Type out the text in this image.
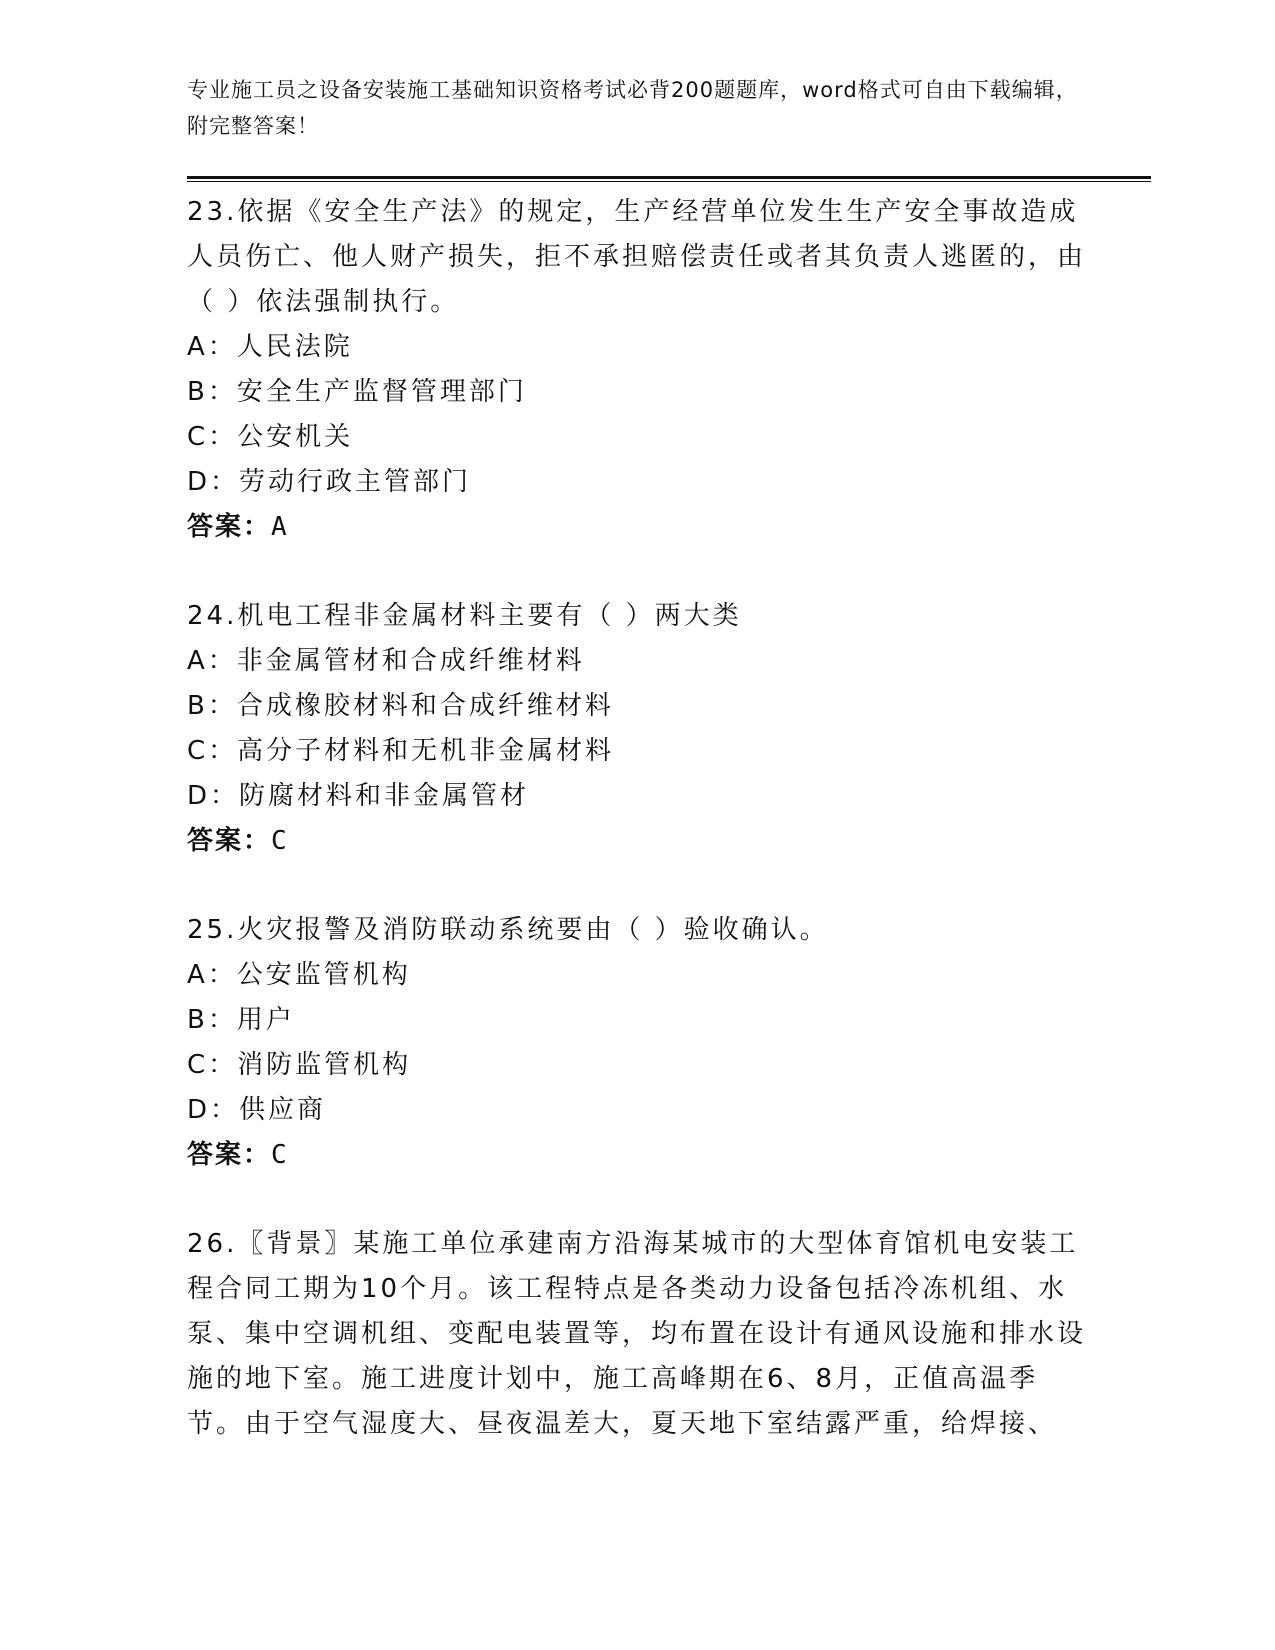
专业施工员之设备安装施工基础知识资格考试必背200题题库，word格式可自由下载编辑，附完整答案！

23.依据《安全生产法》的规定，生产经营单位发生生产安全事故造成人员伤亡、他人财产损失，拒不承担赔偿责任或者其负责人逃匿的，由（ ）依法强制执行。

A：人民法院

B：安全生产监督管理部门

C：公安机关

D：劳动行政主管部门

答案：A

24.机电工程非金属材料主要有（ ）两大类

A：非金属管材和合成纤维材料

B：合成橡胶材料和合成纤维材料

C：高分子材料和无机非金属材料

D：防腐材料和非金属管材

答案：C

25.火灾报警及消防联动系统要由（ ）验收确认。

A：公安监管机构

B：用户

C：消防监管机构

D：供应商

答案：C

26.〖背景〗某施工单位承建南方沿海某城市的大型体育馆机电安装工程合同工期为10个月。该工程特点是各类动力设备包括冷冻机组、水泵、集中空调机组、变配电装置等，均布置在设计有通风设施和排水设施的地下室。施工进度计划中，施工高峰期在6、8月，正值高温季节。由于空气湿度大、昼夜温差大，夏天地下室结露严重，给焊接、
